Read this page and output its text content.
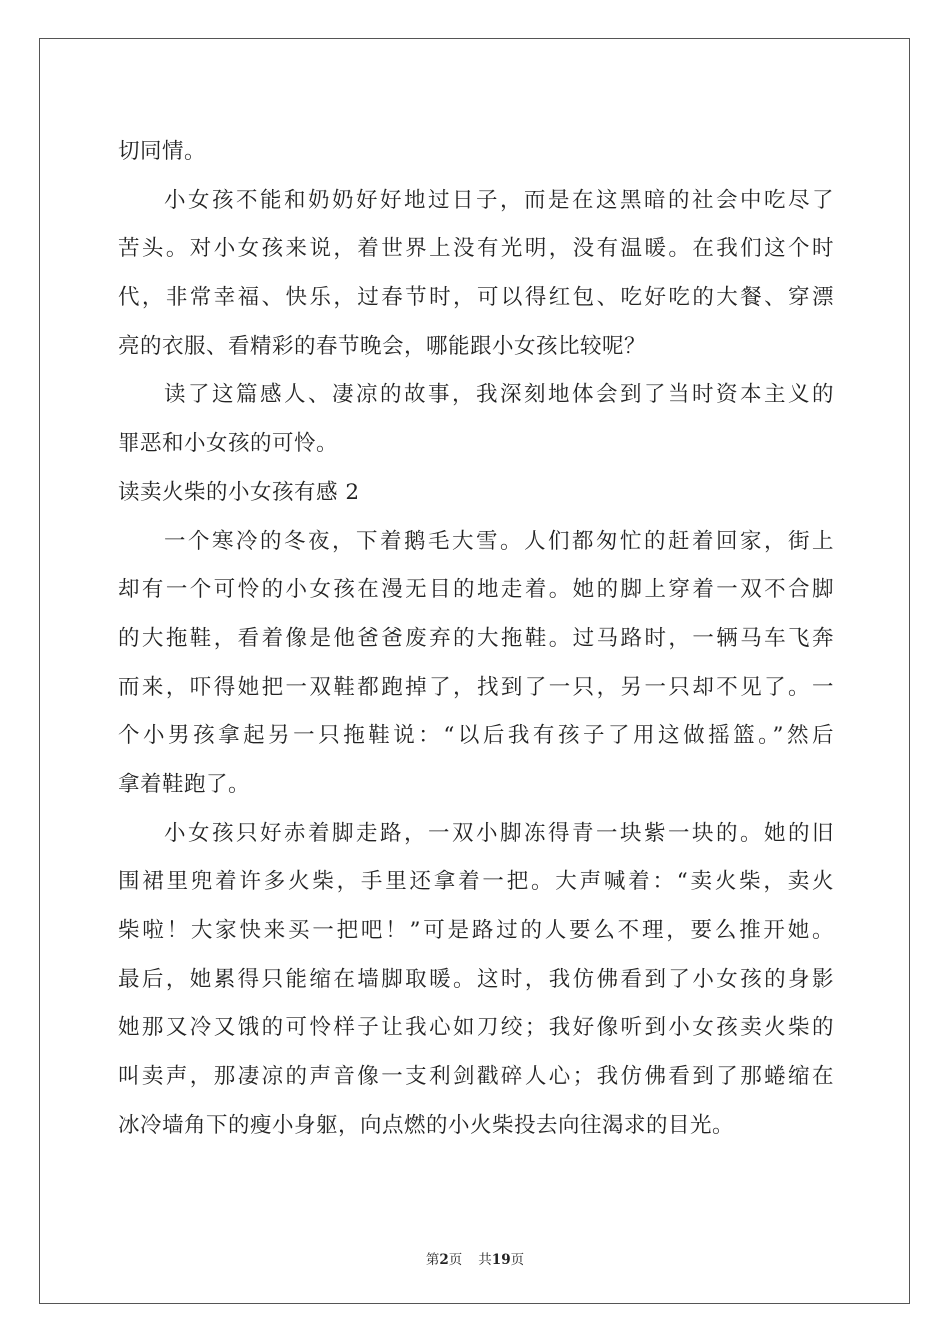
切同情。
小女孩不能和奶奶好好地过日子，而是在这黑暗的社会中吃尽了
苦头。对小女孩来说，着世界上没有光明，没有温暖。在我们这个时
代，非常幸福、快乐，过春节时，可以得红包、吃好吃的大餐、穿漂
亮的衣服、看精彩的春节晚会，哪能跟小女孩比较呢？
读了这篇感人、凄凉的故事，我深刻地体会到了当时资本主义的
罪恶和小女孩的可怜。
读卖火柴的小女孩有感 2
一个寒冷的冬夜，下着鹅毛大雪。人们都匆忙的赶着回家，街上
却有一个可怜的小女孩在漫无目的地走着。她的脚上穿着一双不合脚
的大拖鞋，看着像是他爸爸废弃的大拖鞋。过马路时，一辆马车飞奔
而来，吓得她把一双鞋都跑掉了，找到了一只，另一只却不见了。一
个小男孩拿起另一只拖鞋说：“以后我有孩子了用这做摇篮。”然后
拿着鞋跑了。
小女孩只好赤着脚走路，一双小脚冻得青一块紫一块的。她的旧
围裙里兜着许多火柴，手里还拿着一把。大声喊着：“卖火柴，卖火
柴啦！大家快来买一把吧！”可是路过的人要么不理，要么推开她。
最后，她累得只能缩在墙脚取暖。这时，我仿佛看到了小女孩的身影
她那又冷又饿的可怜样子让我心如刀绞；我好像听到小女孩卖火柴的
叫卖声，那凄凉的声音像一支利剑戳碎人心；我仿佛看到了那蜷缩在
冰冷墙角下的瘦小身躯，向点燃的小火柴投去向往渴求的目光。
第2页 共19页
